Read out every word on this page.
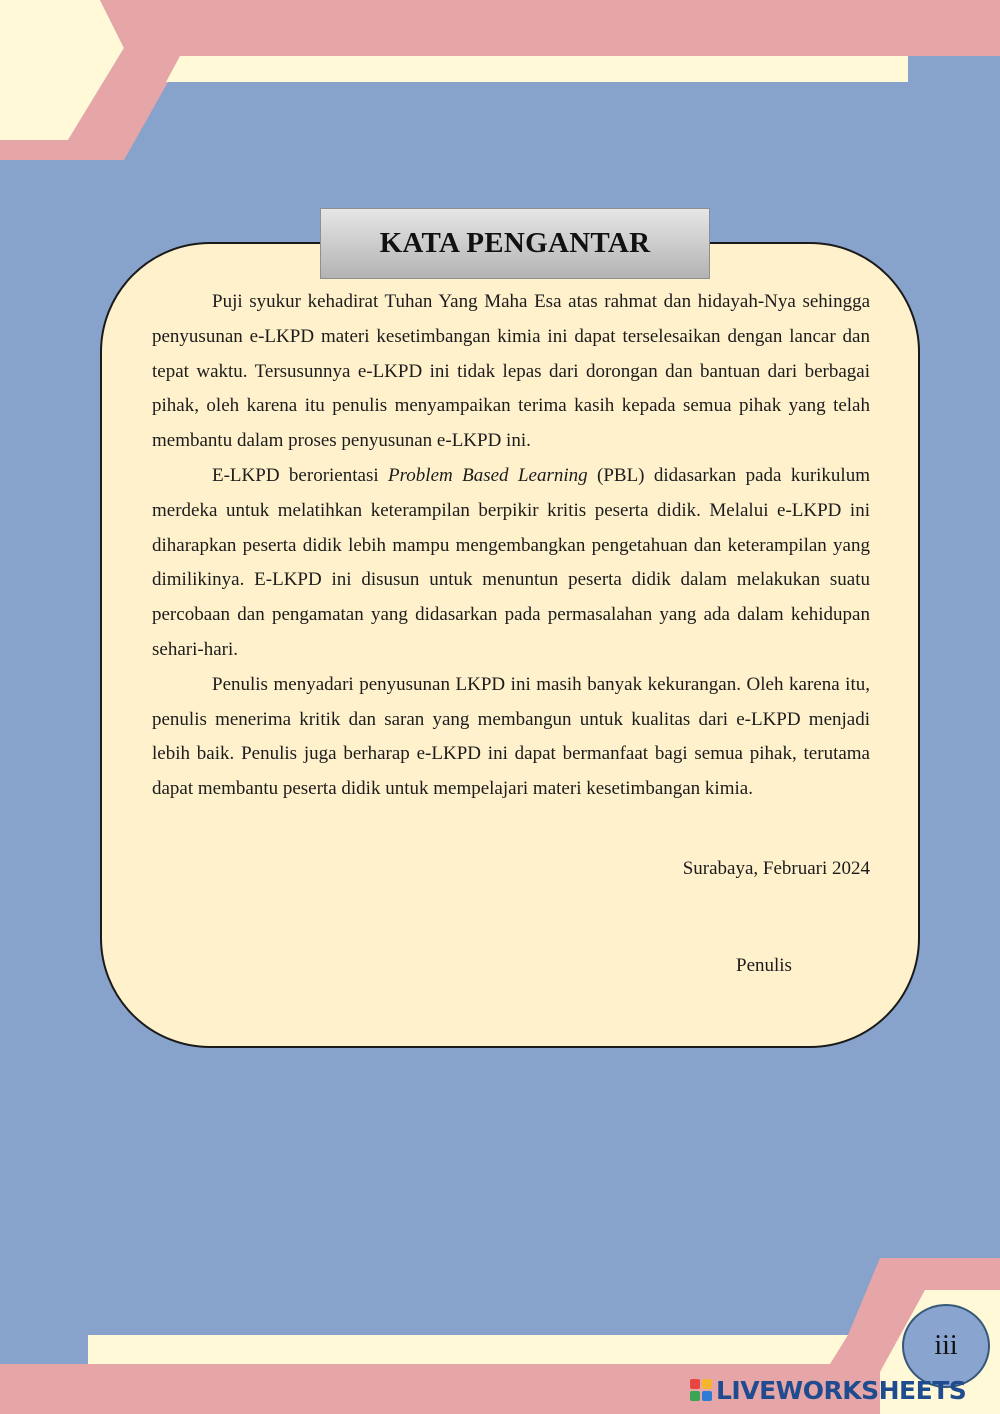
KATA PENGANTAR

Puji syukur kehadirat Tuhan Yang Maha Esa atas rahmat dan hidayah-Nya sehingga penyusunan e-LKPD materi kesetimbangan kimia ini dapat terselesaikan dengan lancar dan tepat waktu. Tersusunnya e-LKPD ini tidak lepas dari dorongan dan bantuan dari berbagai pihak, oleh karena itu penulis menyampaikan terima kasih kepada semua pihak yang telah membantu dalam proses penyusunan e-LKPD ini.

E-LKPD berorientasi Problem Based Learning (PBL) didasarkan pada kurikulum merdeka untuk melatihkan keterampilan berpikir kritis peserta didik. Melalui e-LKPD ini diharapkan peserta didik lebih mampu mengembangkan pengetahuan dan keterampilan yang dimilikinya. E-LKPD ini disusun untuk menuntun peserta didik dalam melakukan suatu percobaan dan pengamatan yang didasarkan pada permasalahan yang ada dalam kehidupan sehari-hari.

Penulis menyadari penyusunan LKPD ini masih banyak kekurangan. Oleh karena itu, penulis menerima kritik dan saran yang membangun untuk kualitas dari e-LKPD menjadi lebih baik. Penulis juga berharap e-LKPD ini dapat bermanfaat bagi semua pihak, terutama dapat membantu peserta didik untuk mempelajari materi kesetimbangan kimia.

Surabaya, Februari 2024
Penulis
iii
LIVEWORKSHEETS
